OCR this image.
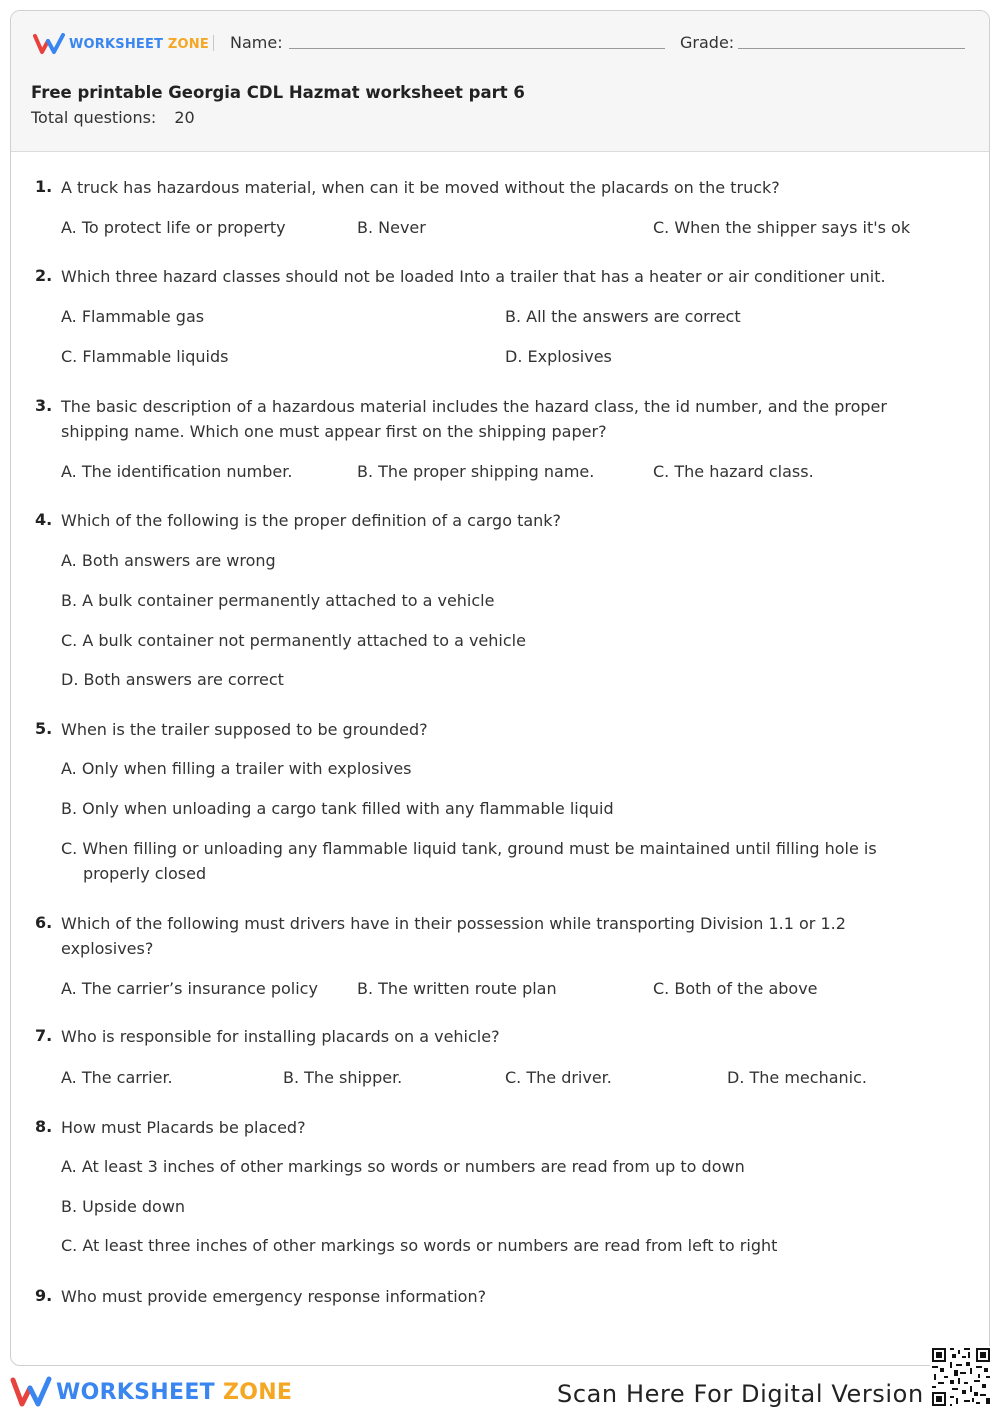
WORKSHEET ZONE Name:	Grade:
Free printable Georgia CDL Hazmat worksheet part 6
Total questions: 20
1. A truck has hazardous material, when can it be moved without the placards on the truck?
A. To protect life or property	B. Never	C. When the shipper says it's ok
2. Which three hazard classes should not be loaded Into a trailer that has a heater or air conditioner unit.
A. Flammable gas	B. All the answers are correct
C. Flammable liquids	D. Explosives
3. The basic description of a hazardous material includes the hazard class, the id number, and the proper shipping name. Which one must appear first on the shipping paper?
A. The identification number.	B. The proper shipping name.	C. The hazard class.
4. Which of the following is the proper definition of a cargo tank?
A. Both answers are wrong
B. A bulk container permanently attached to a vehicle
C. A bulk container not permanently attached to a vehicle
D. Both answers are correct
5. When is the trailer supposed to be grounded?
A. Only when filling a trailer with explosives
B. Only when unloading a cargo tank filled with any flammable liquid
C. When filling or unloading any flammable liquid tank, ground must be maintained until filling hole is properly closed
6. Which of the following must drivers have in their possession while transporting Division 1.1 or 1.2 explosives?
A. The carrier’s insurance policy B. The written route plan	C. Both of the above
7. Who is responsible for installing placards on a vehicle?
A. The carrier.	B. The shipper.	C. The driver.	D. The mechanic.
8. How must Placards be placed?
A. At least 3 inches of other markings so words or numbers are read from up to down
B. Upside down
C. At least three inches of other markings so words or numbers are read from left to right
9. Who must provide emergency response information?
WORKSHEET ZONE	Scan Here For Digital Version
